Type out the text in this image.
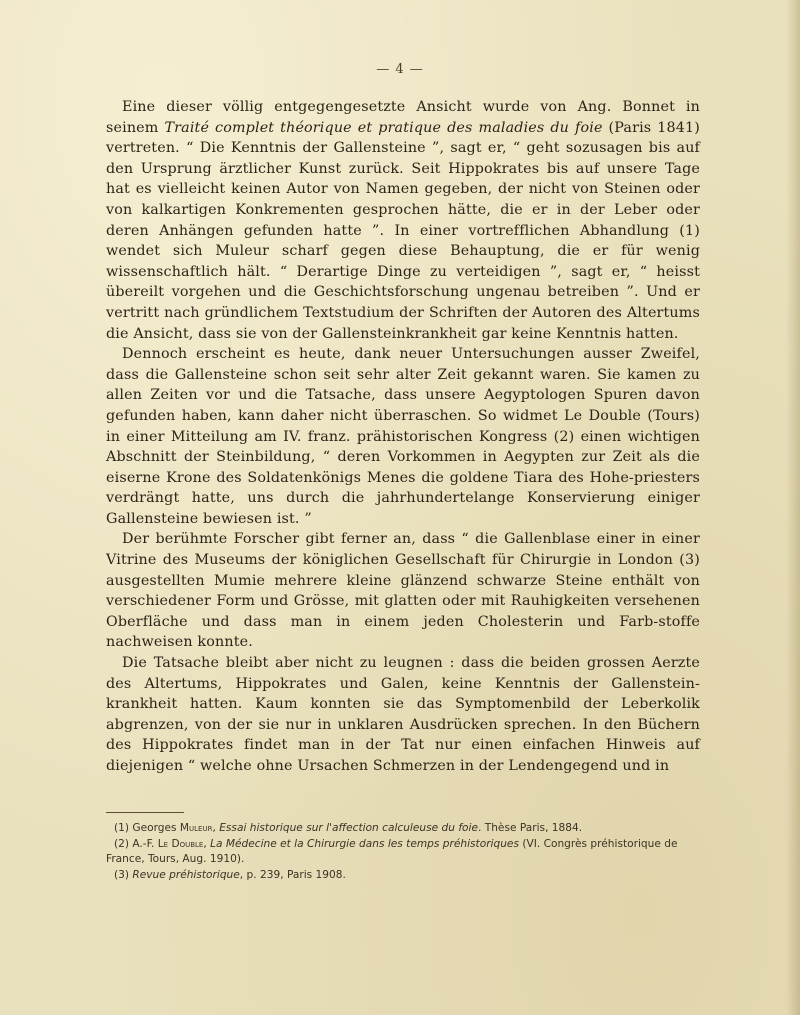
— 4 —

Eine dieser völlig entgegengesetzte Ansicht wurde von Ang. Bonnet in seinem Traité complet théorique et pratique des maladies du foie (Paris 1841) vertreten. “ Die Kenntnis der Gallensteine ”, sagt er, “ geht sozusagen bis auf den Ursprung ärztlicher Kunst zurück. Seit Hippokrates bis auf unsere Tage hat es vielleicht keinen Autor von Namen gegeben, der nicht von Steinen oder von kalkartigen Konkrementen gesprochen hätte, die er in der Leber oder deren Anhängen gefunden hatte ”. In einer vortrefflichen Abhandlung (1) wendet sich Muleur scharf gegen diese Behauptung, die er für wenig wissenschaftlich hält. “ Derartige Dinge zu verteidigen ”, sagt er, “ heisst übereilt vorgehen und die Geschichtsforschung ungenau betreiben ”. Und er vertritt nach gründlichem Textstudium der Schriften der Autoren des Altertums die Ansicht, dass sie von der Gallensteinkrankheit gar keine Kenntnis hatten.

Dennoch erscheint es heute, dank neuer Untersuchungen ausser Zweifel, dass die Gallensteine schon seit sehr alter Zeit gekannt waren. Sie kamen zu allen Zeiten vor und die Tatsache, dass unsere Aegyptologen Spuren davon gefunden haben, kann daher nicht überraschen. So widmet Le Double (Tours) in einer Mitteilung am IV. franz. prähistorischen Kongress (2) einen wichtigen Abschnitt der Steinbildung, “ deren Vorkommen in Aegypten zur Zeit als die eiserne Krone des Soldatenkönigs Menes die goldene Tiara des Hohe-priesters verdrängt hatte, uns durch die jahrhundertelange Konservierung einiger Gallensteine bewiesen ist. ”

Der berühmte Forscher gibt ferner an, dass “ die Gallenblase einer in einer Vitrine des Museums der königlichen Gesellschaft für Chirurgie in London (3) ausgestellten Mumie mehrere kleine glänzend schwarze Steine enthält von verschiedener Form und Grösse, mit glatten oder mit Rauhigkeiten versehenen Oberfläche und dass man in einem jeden Cholesterin und Farb-stoffe nachweisen konnte.

Die Tatsache bleibt aber nicht zu leugnen : dass die beiden grossen Aerzte des Altertums, Hippokrates und Galen, keine Kenntnis der Gallenstein-krankheit hatten. Kaum konnten sie das Symptomenbild der Leberkolik abgrenzen, von der sie nur in unklaren Ausdrücken sprechen. In den Büchern des Hippokrates findet man in der Tat nur einen einfachen Hinweis auf diejenigen “ welche ohne Ursachen Schmerzen in der Lendengegend und in

(1) Georges Muleur, Essai historique sur l'affection calculeuse du foie. Thèse Paris, 1884.

(2) A.-F. Le Double, La Médecine et la Chirurgie dans les temps préhistoriques (VI. Congrès préhistorique de France, Tours, Aug. 1910).

(3) Revue préhistorique, p. 239, Paris 1908.
